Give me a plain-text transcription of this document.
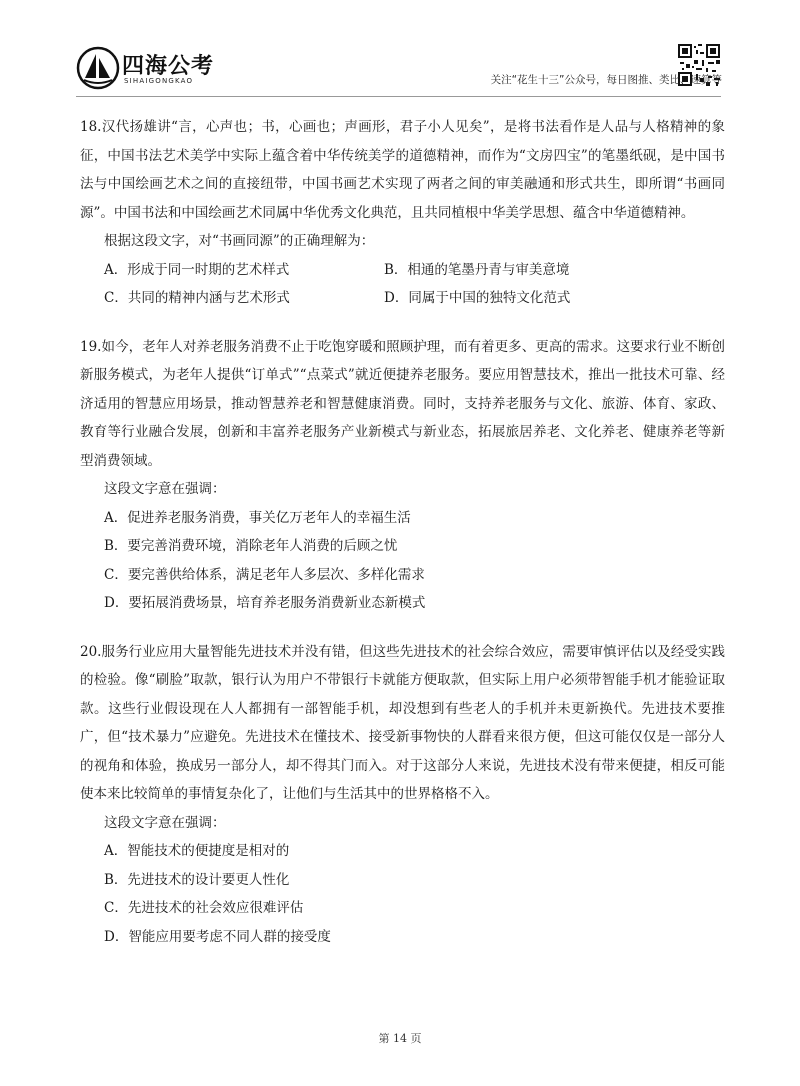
四海公考
SIHAIGONGKAO	关注“花生十三”公众号，每日图推、类比、速算等

18.汉代扬雄讲“言，心声也；书，心画也；声画形，君子小人见矣”，是将书法看作是人品与人格精神的象征，中国书法艺术美学中实际上蕴含着中华传统美学的道德精神，而作为“文房四宝”的笔墨纸砚，是中国书法与中国绘画艺术之间的直接纽带，中国书画艺术实现了两者之间的审美融通和形式共生，即所谓“书画同源”。中国书法和中国绘画艺术同属中华优秀文化典范，且共同植根中华美学思想、蕴含中华道德精神。

根据这段文字，对“书画同源”的正确理解为：

A．形成于同一时期的艺术样式	B．相通的笔墨丹青与审美意境

C．共同的精神内涵与艺术形式	D．同属于中国的独特文化范式

19.如今，老年人对养老服务消费不止于吃饱穿暖和照顾护理，而有着更多、更高的需求。这要求行业不断创新服务模式，为老年人提供“订单式”“点菜式”就近便捷养老服务。要应用智慧技术，推出一批技术可靠、经济适用的智慧应用场景，推动智慧养老和智慧健康消费。同时，支持养老服务与文化、旅游、体育、家政、教育等行业融合发展，创新和丰富养老服务产业新模式与新业态，拓展旅居养老、文化养老、健康养老等新型消费领域。

这段文字意在强调：

A．促进养老服务消费，事关亿万老年人的幸福生活

B．要完善消费环境，消除老年人消费的后顾之忧

C．要完善供给体系，满足老年人多层次、多样化需求

D．要拓展消费场景，培育养老服务消费新业态新模式

20.服务行业应用大量智能先进技术并没有错，但这些先进技术的社会综合效应，需要审慎评估以及经受实践的检验。像“刷脸”取款，银行认为用户不带银行卡就能方便取款，但实际上用户必须带智能手机才能验证取款。这些行业假设现在人人都拥有一部智能手机，却没想到有些老人的手机并未更新换代。先进技术要推广，但“技术暴力”应避免。先进技术在懂技术、接受新事物快的人群看来很方便，但这可能仅仅是一部分人的视角和体验，换成另一部分人，却不得其门而入。对于这部分人来说，先进技术没有带来便捷，相反可能使本来比较简单的事情复杂化了，让他们与生活其中的世界格格不入。

这段文字意在强调：

A．智能技术的便捷度是相对的

B．先进技术的设计要更人性化

C．先进技术的社会效应很难评估

D．智能应用要考虑不同人群的接受度

第 14 页
